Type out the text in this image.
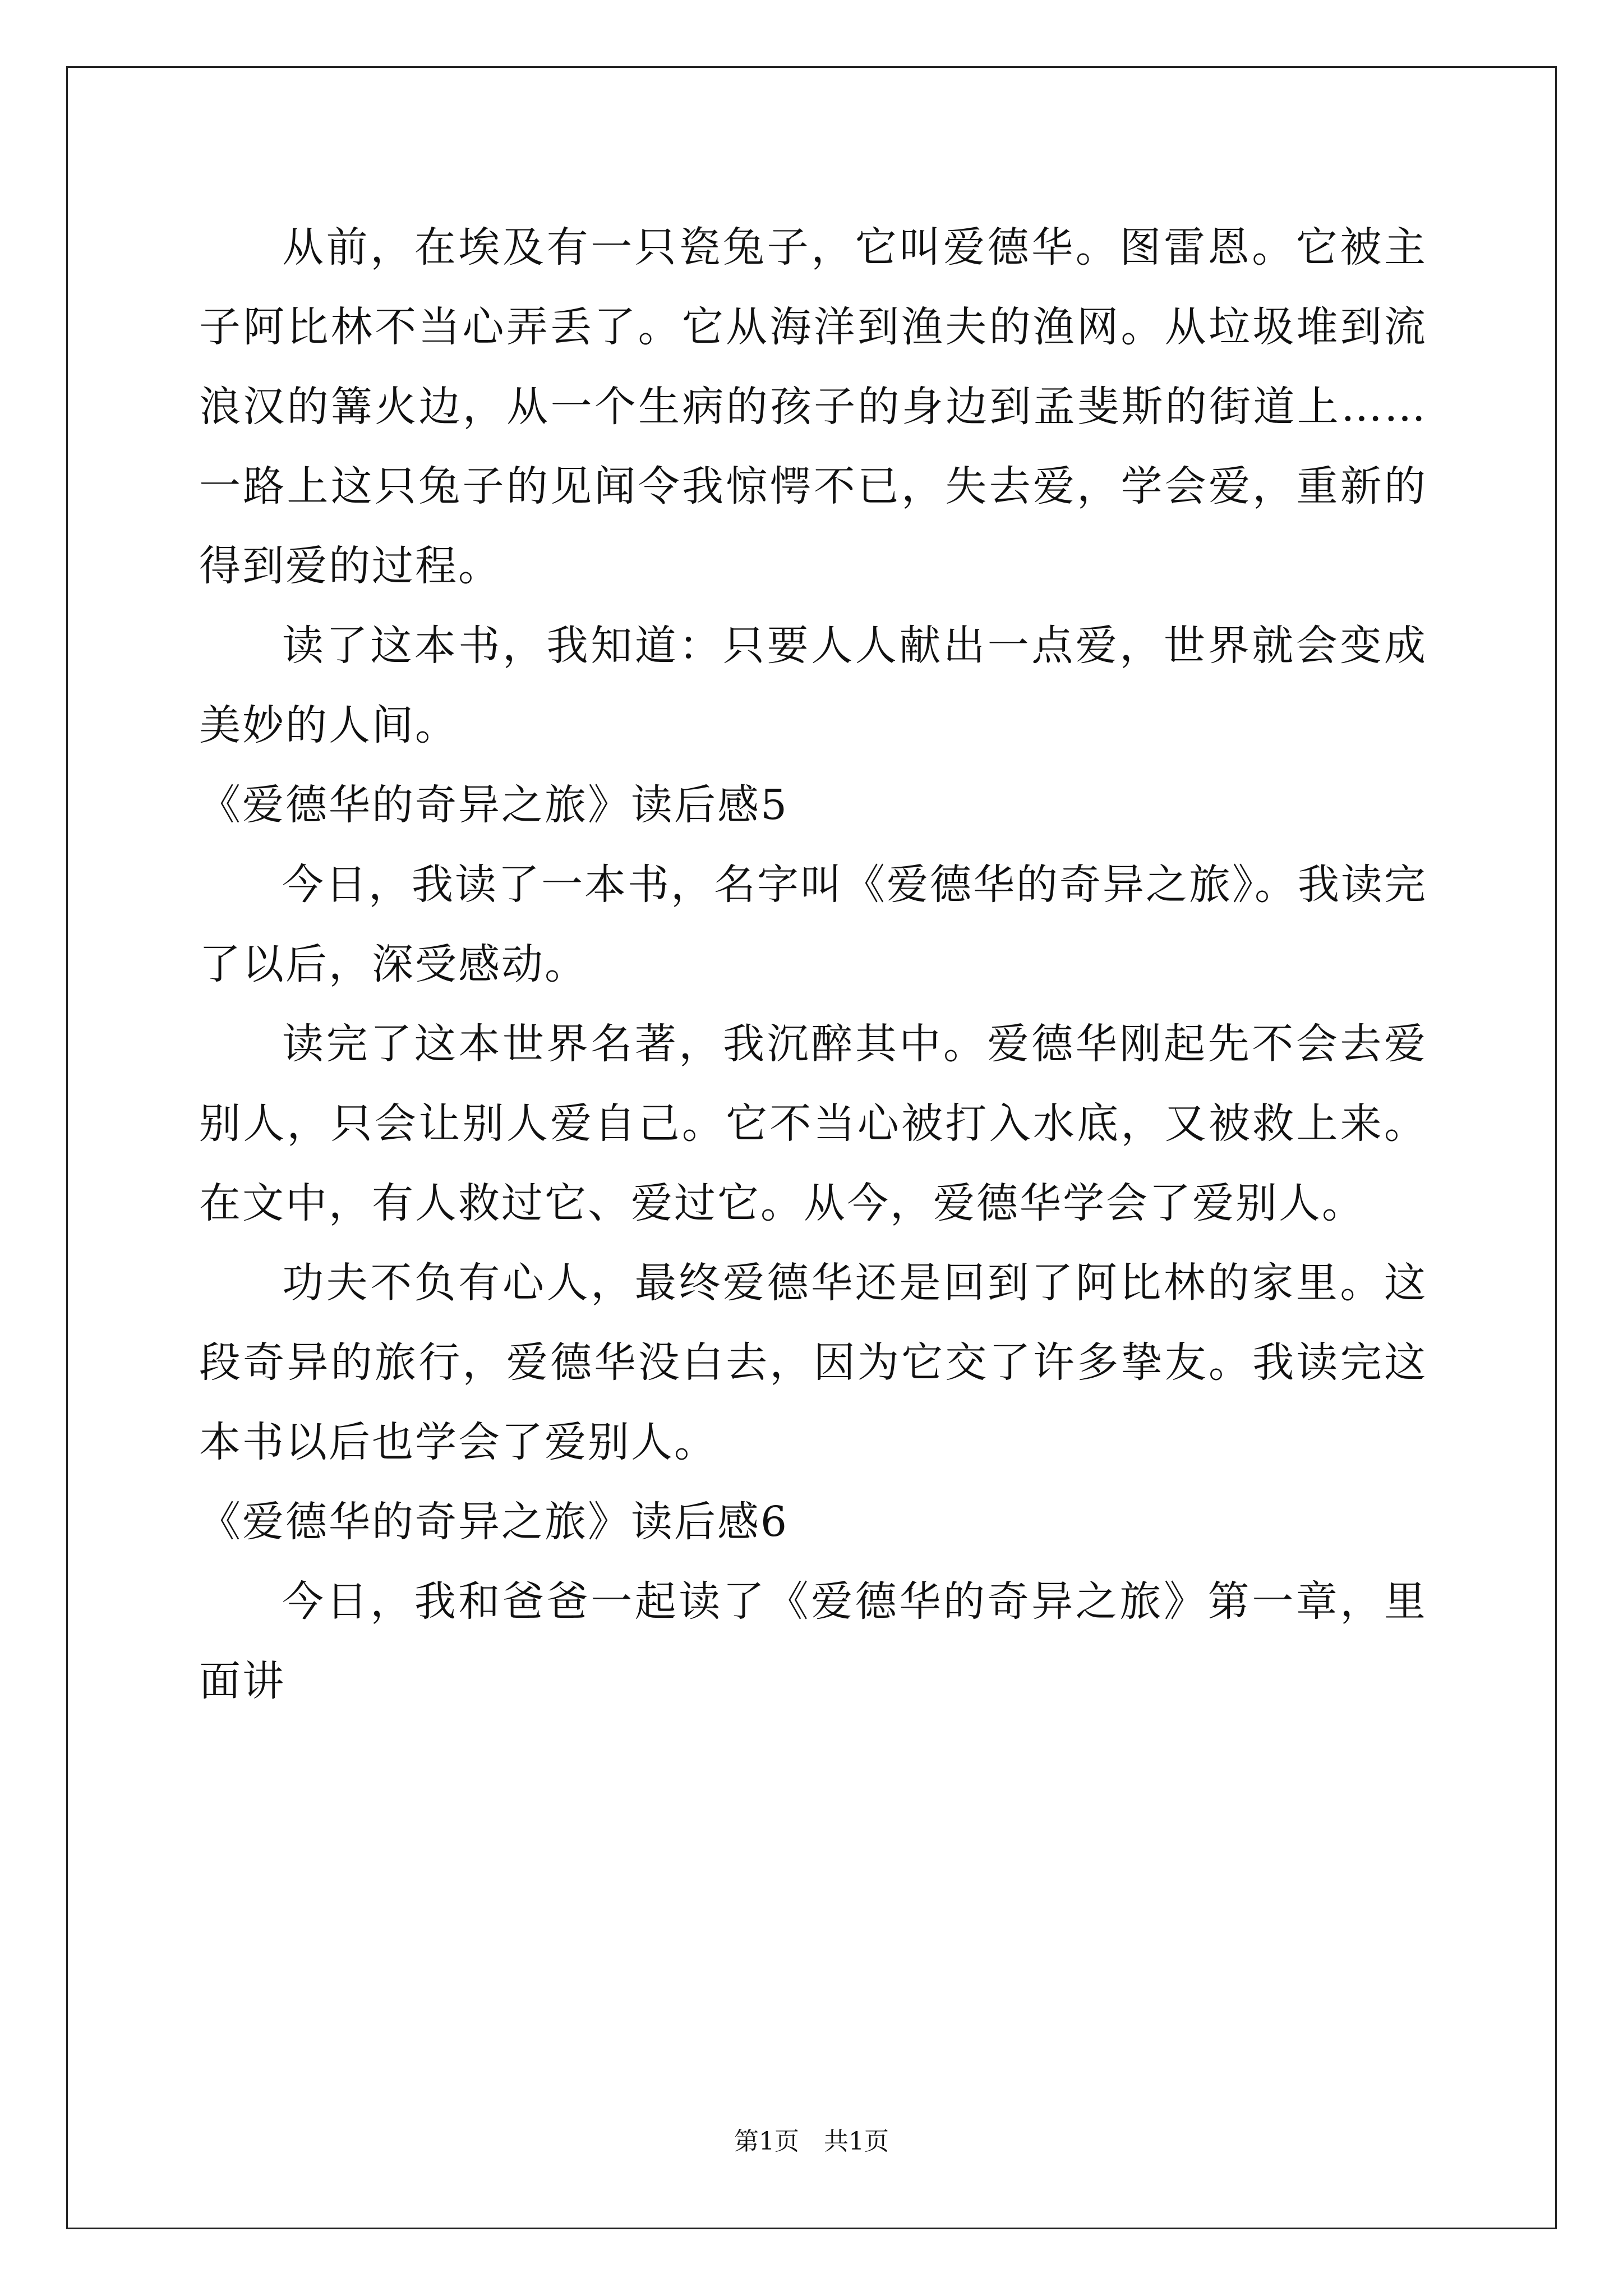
从前，在埃及有一只瓷兔子，它叫爱德华。图雷恩。它被主子阿比林不当心弄丢了。它从海洋到渔夫的渔网。从垃圾堆到流浪汉的篝火边，从一个生病的孩子的身边到孟斐斯的街道上……一路上这只兔子的见闻令我惊愕不已，失去爱，学会爱，重新的得到爱的过程。

读了这本书，我知道：只要人人献出一点爱，世界就会变成美妙的人间。

《爱德华的奇异之旅》读后感5

今日，我读了一本书，名字叫《爱德华的奇异之旅》。我读完了以后，深受感动。

读完了这本世界名著，我沉醉其中。爱德华刚起先不会去爱别人，只会让别人爱自己。它不当心被打入水底，又被救上来。在文中，有人救过它、爱过它。从今，爱德华学会了爱别人。

功夫不负有心人，最终爱德华还是回到了阿比林的家里。这段奇异的旅行，爱德华没白去，因为它交了许多挚友。我读完这本书以后也学会了爱别人。

《爱德华的奇异之旅》读后感6

今日，我和爸爸一起读了《爱德华的奇异之旅》第一章，里面讲

第1页　共1页
